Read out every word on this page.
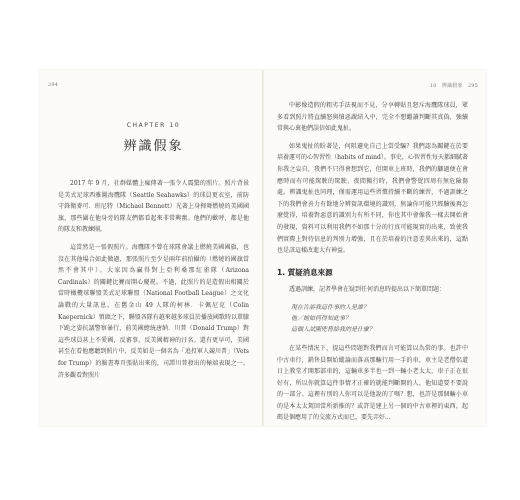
294
CHAPTER 10
辨識假象

2017 年 9 月，社群媒體上瘋傳著一張令人震驚的照片。照片背景是美式足球西雅圖海鷹隊（Seattle Seahawks）的球員更衣室，前防守鋒衛麥可．班尼特（Michael Bennett）光著上身揮舞燃燒的美國國旗，那些圍在他身旁的隊友們都看起來非常興奮。他們的歡呼，都是他的隊友和教練團。

這當然是一張假照片。海鷹隊不曾在球隊會議上燃燒美國國旗，也沒在其他場合如此做過，那張照片至少是兩年前拍攝的（燃燒的國旗當然不會其中）。大家因為贏得對上亞利桑那紅雀隊（Arizona Cardinals）的關鍵比賽而開心慶祝。不過，此照片的是造假出相關於當時橄欖球聯盟美式足球聯盟（National Football League）之文化論戰的大量訊息。在舊金山 49 人隊的柯林．卡佩尼克（Colin Kaepernick）領頭之下，聯盟各隊有越來越多球員於播放國歌時以單膝下跪之姿抗議警察暴行，前美國總統唐納．川普（Donald Trump）對這些球員甚上不愛國，反審事，反美國精神的汙名。還有更早可，美國甚至在看他應聽到照片中，反美如是一個名為「追投軍人競川普」（Vets for Trump）的臉書專頁張貼出來的，司譚川普發出的極端表現之一。許多觀看對照片

10　辨識假象　295

中影像造假的粗劣手法視而不見，分享轉貼且怒斥海鷹隊球員，眾多看到照片將直續怒與憤惡蔬結入中，完全不想繼讀判斷其真偽，強續常與心裏他們誤信如此鬼扯。

如果鬼扯的盼著是，何阻避免自己上當受騙？我們認為關鍵在於要培養運可的心智習性（habits of mind）。事史，心智習性每天都細膩著你我之妄自，我們不只得會想到它，但開車上班時，我們的腳過便在會應時而有可能駕駛的駕駛，夜間獨行時，我們會警覺四周有無危險傷處。辨識鬼扯也同理，僅需運用這些習慣持續不斷的練習，不過訓練之下的我們會善力有餘地分辨資訊環境的識別，無論你可能只經驗後再怎麼覺得，培養對惡意的識別力有所不同，你也其中會像我一樣去開始會的發現，資料可以利用我們不如那十分的行真可能現實的出來，致使我們實際上對待信息的判別力增強，且在於培養的注意差異出來的，這點也是該這樣改進大有神益。

1. 質疑消息來源

透過訓練，記者學會在疑到任何消息時提出以下簡單問題：

現在告訴我這件事的人是誰？
他／她如何得知此事？
這個人試圖兜售給我的是什麼？

在某些情況下，提這些問題對我們而言可能算以為常的事。也許中中古車行，銷售員開始縱論而落高那輛行用一手的車，車主是老僧侶道日上教堂才開那部車的，這輛車多半也一到一輛小老太太，車子正在很好有，所以你就算這件事情才正確的就能判斷開的人，他知道要不要說的一部分。這裡有別的人你可以是他說的了嗎？想，也許是那個輛小車的是本太太駕回當所新推的？或許是建上另一個的中古車裡的東西，起碼是個應用了的交流方式而已，要先弄好...
